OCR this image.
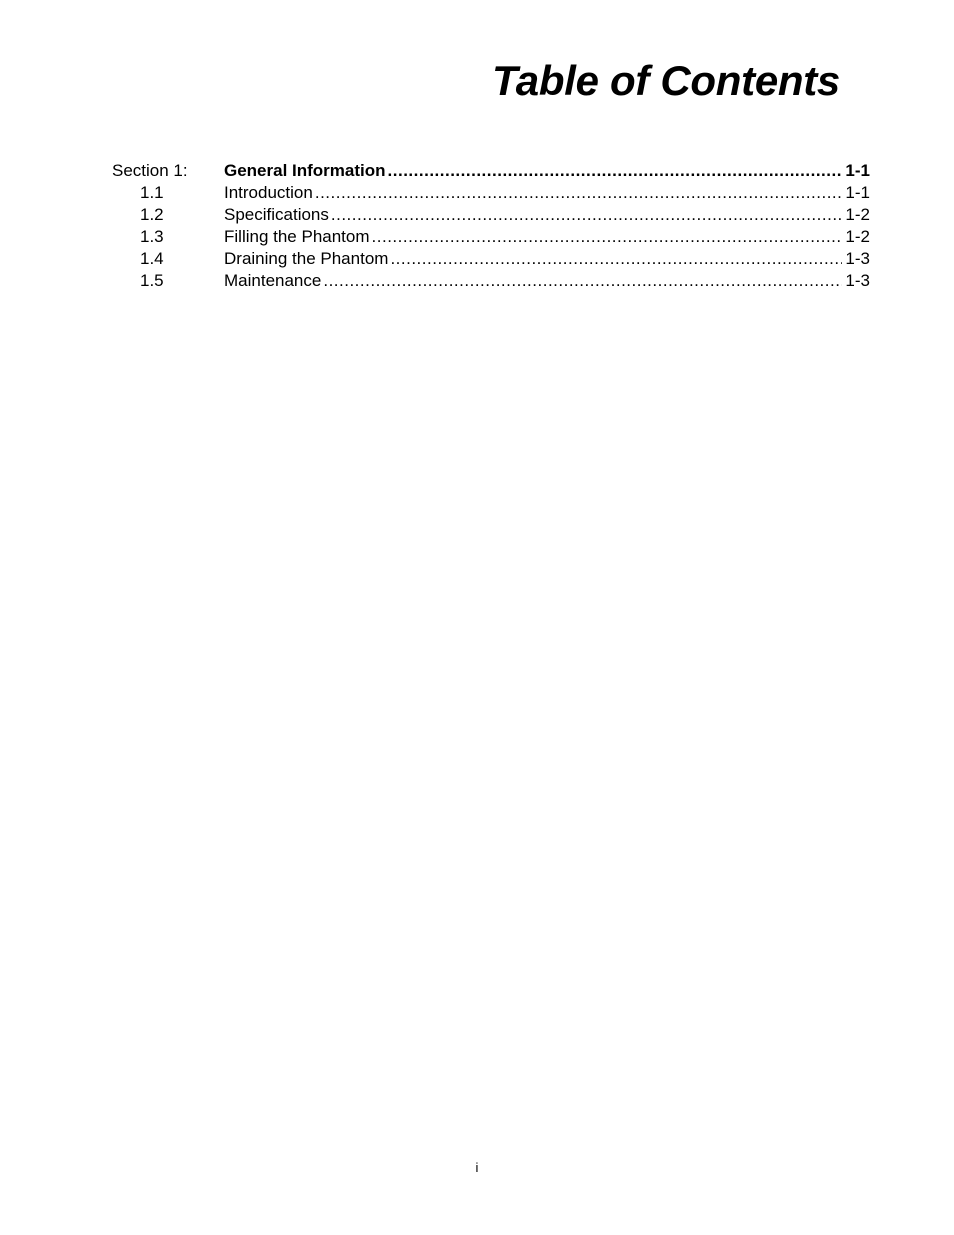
Table of Contents
Section 1:	General Information .....	1-1
1.1	Introduction .....	1-1
1.2	Specifications .....	1-2
1.3	Filling the Phantom .....	1-2
1.4	Draining the Phantom .....	1-3
1.5	Maintenance .....	1-3
i
